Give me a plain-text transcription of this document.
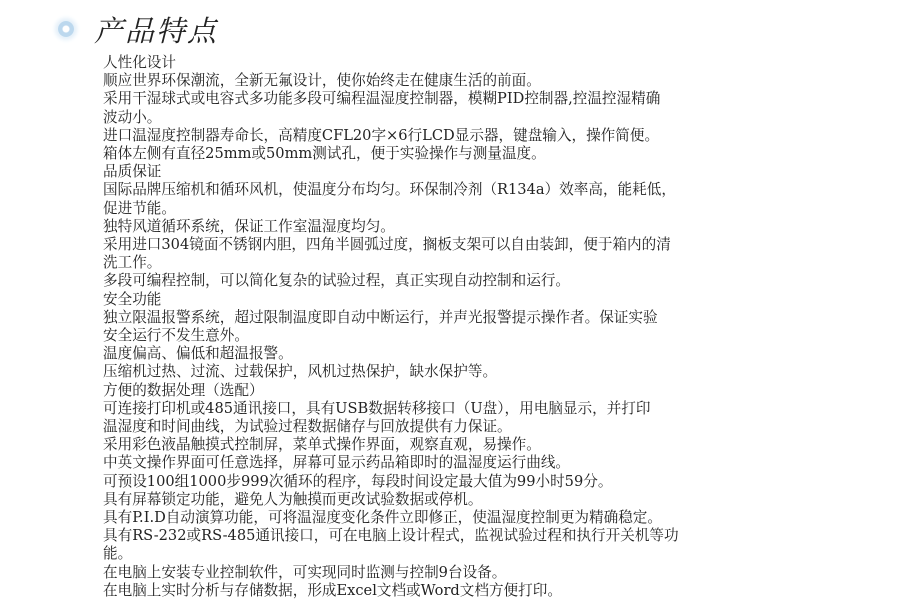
产品特点

人性化设计

顺应世界环保潮流，全新无氟设计，使你始终走在健康生活的前面。

采用干湿球式或电容式多功能多段可编程温湿度控制器，模糊PID控制器,控温控湿精确

波动小。

进口温湿度控制器寿命长，高精度CFL20字×6行LCD显示器，键盘输入，操作简便。

箱体左侧有直径25mm或50mm测试孔，便于实验操作与测量温度。

品质保证

国际品牌压缩机和循环风机，使温度分布均匀。环保制冷剂（R134a）效率高，能耗低，

促进节能。

独特风道循环系统，保证工作室温湿度均匀。

采用进口304镜面不锈钢内胆，四角半圆弧过度，搁板支架可以自由装卸，便于箱内的清

洗工作。

多段可编程控制，可以简化复杂的试验过程，真正实现自动控制和运行。

安全功能

独立限温报警系统，超过限制温度即自动中断运行，并声光报警提示操作者。保证实验

安全运行不发生意外。

温度偏高、偏低和超温报警。

压缩机过热、过流、过载保护，风机过热保护，缺水保护等。

方便的数据处理（选配）

可连接打印机或485通讯接口，具有USB数据转移接口（U盘），用电脑显示，并打印

温湿度和时间曲线，为试验过程数据储存与回放提供有力保证。

采用彩色液晶触摸式控制屏，菜单式操作界面，观察直观，易操作。

中英文操作界面可任意选择，屏幕可显示药品箱即时的温湿度运行曲线。

可预设100组1000步999次循环的程序，每段时间设定最大值为99小时59分。

具有屏幕锁定功能，避免人为触摸而更改试验数据或停机。

具有P.I.D自动演算功能，可将温湿度变化条件立即修正，使温湿度控制更为精确稳定。

具有RS-232或RS-485通讯接口，可在电脑上设计程式，监视试验过程和执行开关机等功

能。

在电脑上安装专业控制软件，可实现同时监测与控制9台设备。

在电脑上实时分析与存储数据，形成Excel文档或Word文档方便打印。
